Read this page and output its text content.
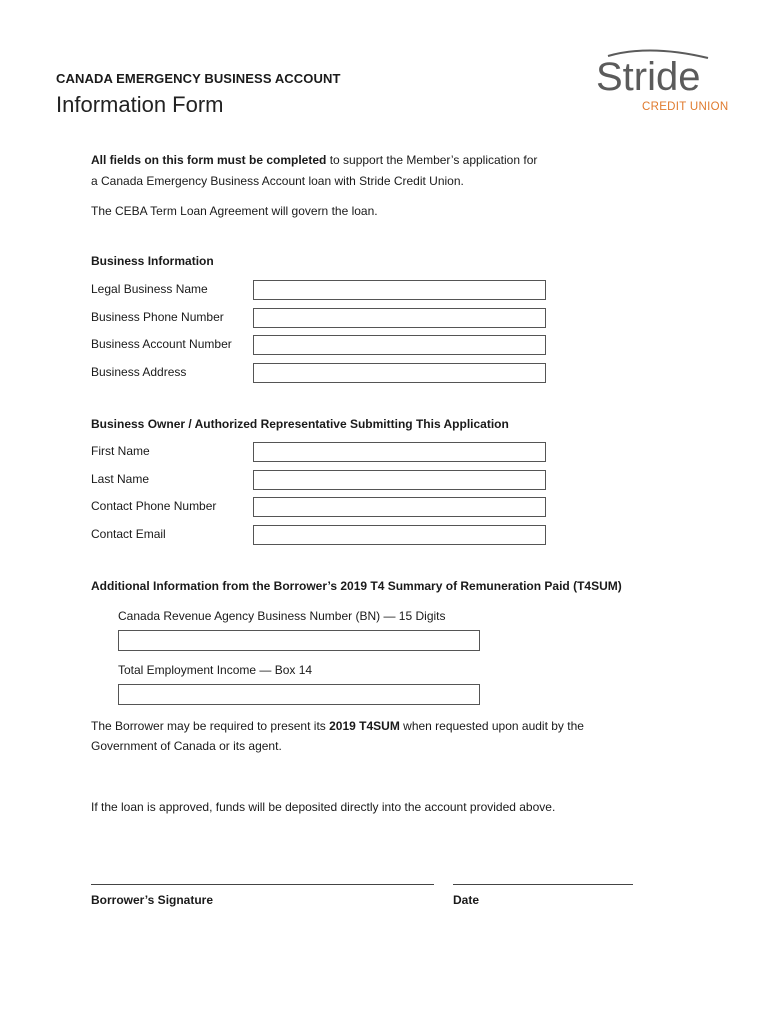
CANADA EMERGENCY BUSINESS ACCOUNT
Information Form
Stride
CREDIT UNION
All fields on this form must be completed to support the Member’s application for
a Canada Emergency Business Account loan with Stride Credit Union.
The CEBA Term Loan Agreement will govern the loan.
Business Information
Legal Business Name
Business Phone Number
Business Account Number
Business Address
Business Owner / Authorized Representative Submitting This Application
First Name
Last Name
Contact Phone Number
Contact Email
Additional Information from the Borrower’s 2019 T4 Summary of Remuneration Paid (T4SUM)
Canada Revenue Agency Business Number (BN) — 15 Digits
Total Employment Income — Box 14
The Borrower may be required to present its 2019 T4SUM when requested upon audit by the
Government of Canada or its agent.
If the loan is approved, funds will be deposited directly into the account provided above.
Borrower’s Signature	Date
